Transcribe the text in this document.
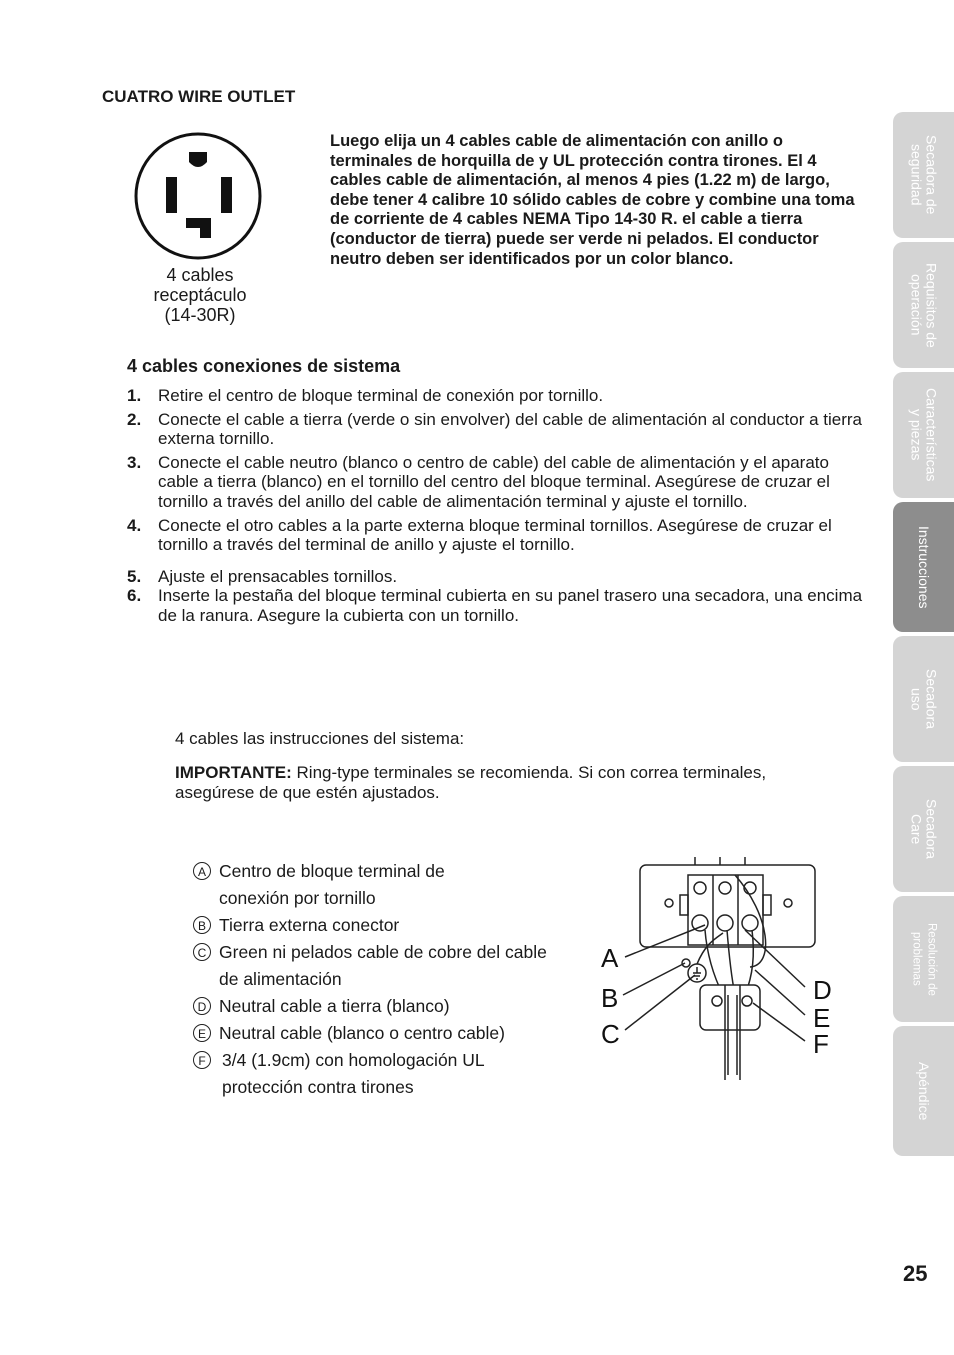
CUATRO WIRE OUTLET
4 cables
receptáculo
(14-30R)
Luego elija un 4 cables cable de alimentación con anillo o terminales de horquilla de y UL protección contra tirones. El 4 cables cable de alimentación, al menos 4 pies (1.22 m) de largo, debe tener 4 calibre 10 sólido cables de cobre y combine una toma de corriente de 4 cables NEMA Tipo 14-30 R. el cable a tierra (conductor de tierra) puede ser verde ni pelados. El conductor neutro deben ser identificados por un color blanco.
4 cables conexiones de sistema
1. Retire el centro de bloque terminal de conexión por tornillo.
2. Conecte el cable a tierra (verde o sin envolver) del cable de alimentación al conductor a tierra externa tornillo.
3. Conecte el cable neutro (blanco o centro de cable) del cable de alimentación y el aparato cable a tierra (blanco) en el tornillo del centro del bloque terminal. Asegúrese de cruzar el tornillo a través del anillo del cable de alimentación terminal y ajuste el tornillo.
4. Conecte el otro cables a la parte externa bloque terminal tornillos. Asegúrese de cruzar el tornillo a través del terminal de anillo y ajuste el tornillo.
5. Ajuste el prensacables tornillos.
6. Inserte la pestaña del bloque terminal cubierta en su panel trasero una secadora, una encima de la ranura. Asegure la cubierta con un tornillo.
4 cables las instrucciones del sistema:
IMPORTANTE: Ring-type terminales se recomienda. Si con correa terminales, asegúrese de que estén ajustados.
A Centro de bloque terminal de conexión por tornillo
B Tierra externa conector
C Green ni pelados cable de cobre del cable de alimentación
D Neutral cable a tierra (blanco)
E Neutral cable (blanco o centro cable)
F 3/4 (1.9cm) con homologación UL protección contra tirones
A
B
C
D
E
F
Secadora de
seguridad
Requisitos de
operación
Características
y piezas
Instrucciones
Secadora
uso
Secadora
Care
Resolución de
problemas
Apéndice
25
